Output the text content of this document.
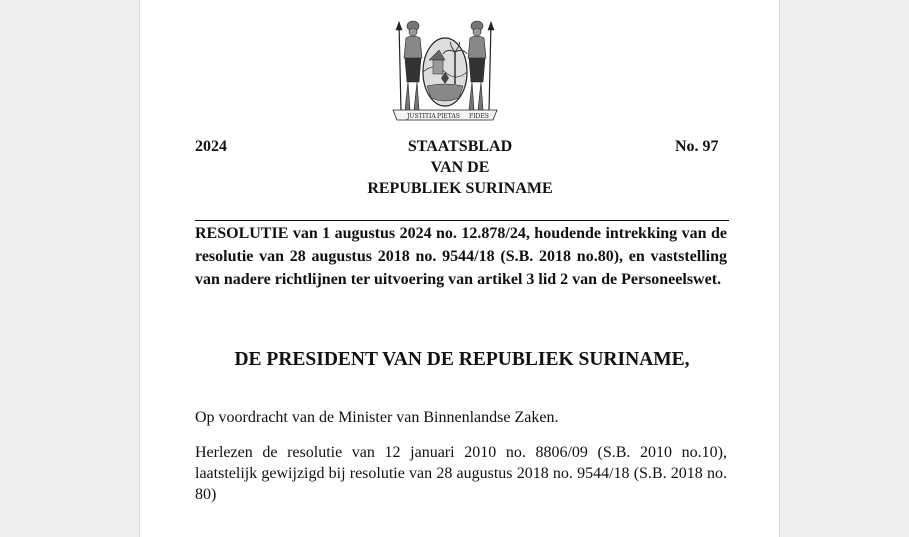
JUSTITIA PIETAS FIDES
2024	STAATSBLAD
VAN DE
REPUBLIEK SURINAME
No. 97
RESOLUTIE van 1 augustus 2024 no. 12.878/24, houdende intrekking van de resolutie van 28 augustus 2018 no. 9544/18 (S.B. 2018 no.80), en vaststelling van nadere richtlijnen ter uitvoering van artikel 3 lid 2 van de Personeelswet.
DE PRESIDENT VAN DE REPUBLIEK SURINAME,
Op voordracht van de Minister van Binnenlandse Zaken.
Herlezen de resolutie van 12 januari 2010 no. 8806/09 (S.B. 2010 no.10), laatstelijk gewijzigd bij resolutie van 28 augustus 2018 no. 9544/18 (S.B. 2018 no. 80)
